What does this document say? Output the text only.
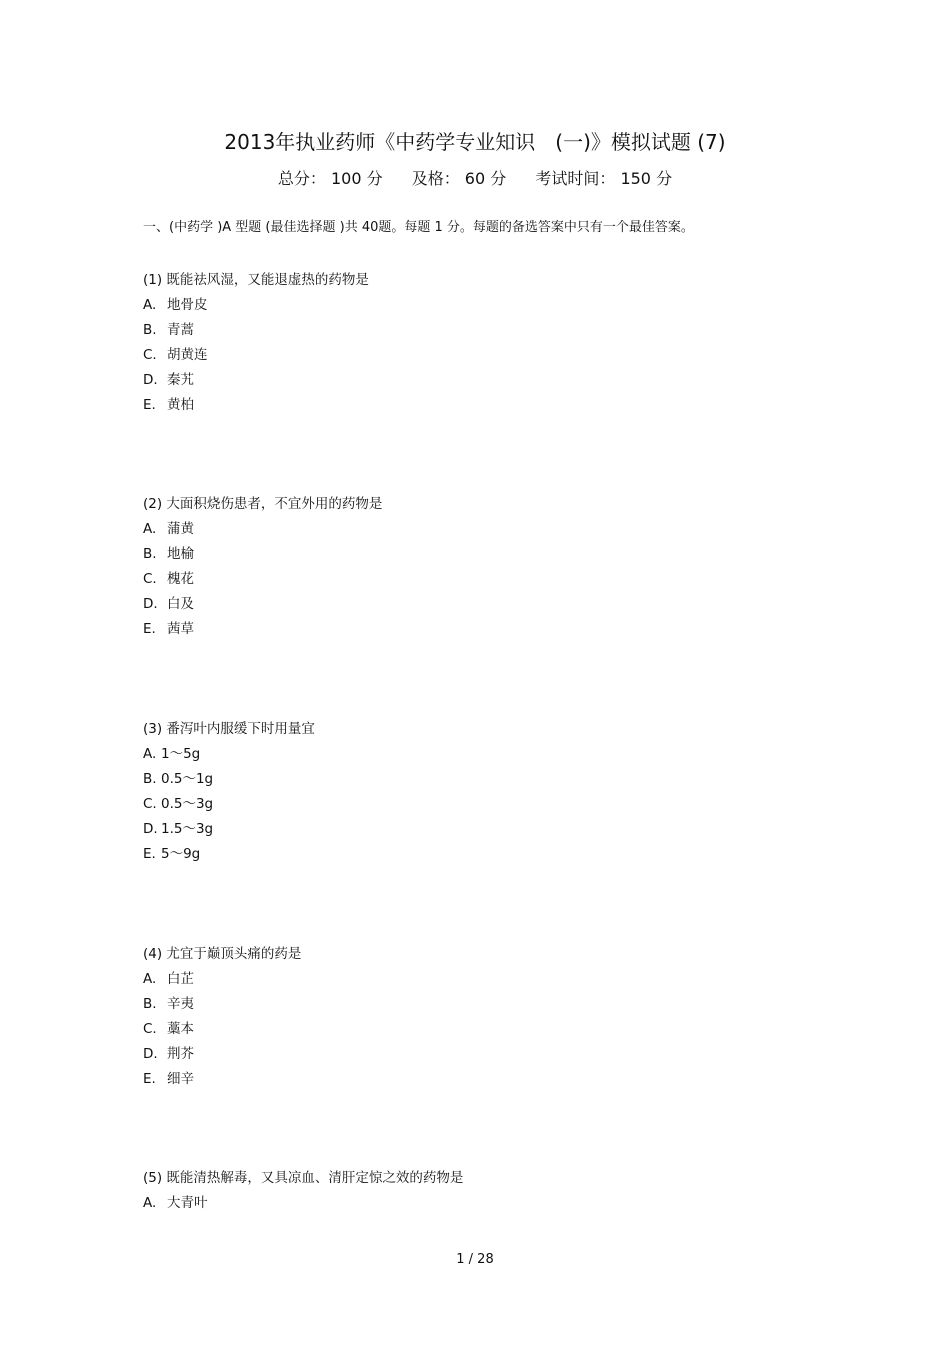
2013年执业药师《中药学专业知识　(一)》模拟试题 (7)
总分： 100 分 及格： 60 分 考试时间： 150 分
一、(中药学 )A 型题 (最佳选择题 )共 40题。每题 1 分。每题的备选答案中只有一个最佳答案。
(1) 既能祛风湿，又能退虚热的药物是
A. 地骨皮
B. 青蒿
C. 胡黄连
D. 秦艽
E. 黄柏
(2) 大面积烧伤患者，不宜外用的药物是
A. 蒲黄
B. 地榆
C. 槐花
D. 白及
E. 茜草
(3) 番泻叶内服缓下时用量宜
A. 1～5g
B. 0.5～1g
C. 0.5～3g
D. 1.5～3g
E. 5～9g
(4) 尤宜于巅顶头痛的药是
A. 白芷
B. 辛夷
C. 藁本
D. 荆芥
E. 细辛
(5) 既能清热解毒，又具凉血、清肝定惊之效的药物是
A. 大青叶
1 / 28
